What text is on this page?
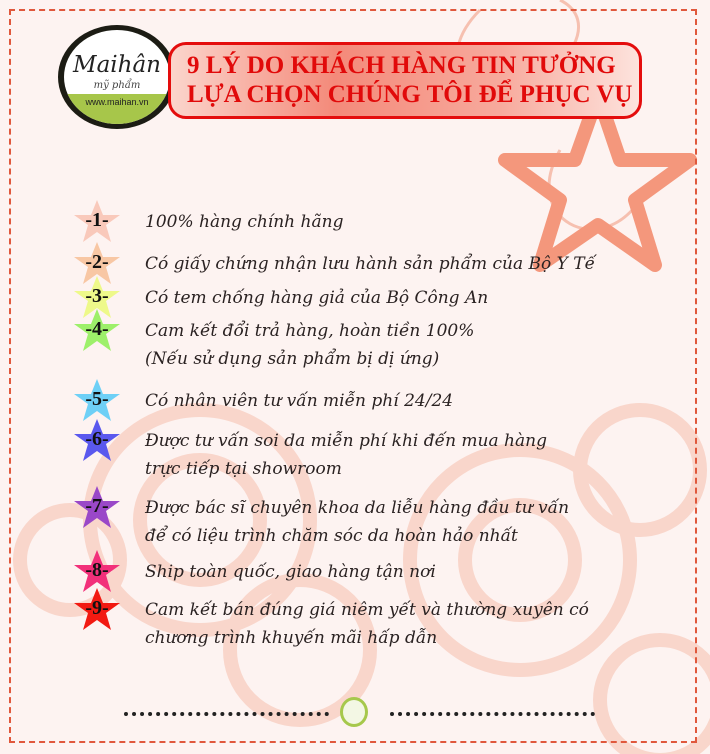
Maihân
mỹ phẩm
www.maihan.vn
9 LÝ DO KHÁCH HÀNG TIN TƯỞNG
LỰA CHỌN CHÚNG TÔI ĐỂ PHỤC VỤ
-1-	100% hàng chính hãng
-2-	Có giấy chứng nhận lưu hành sản phẩm của Bộ Y Tế
-3-	Có tem chống hàng giả của Bộ Công An
-4-	Cam kết đổi trả hàng, hoàn tiền 100%
(Nếu sử dụng sản phẩm bị dị ứng)
-5-	Có nhân viên tư vấn miễn phí 24/24
-6-	Được tư vấn soi da miễn phí khi đến mua hàng
trực tiếp tại showroom
-7-	Được bác sĩ chuyên khoa da liễu hàng đầu tư vấn
để có liệu trình chăm sóc da hoàn hảo nhất
-8-	Ship toàn quốc, giao hàng tận nơi
-9-	Cam kết bán đúng giá niêm yết và thường xuyên có
chương trình khuyến mãi hấp dẫn
